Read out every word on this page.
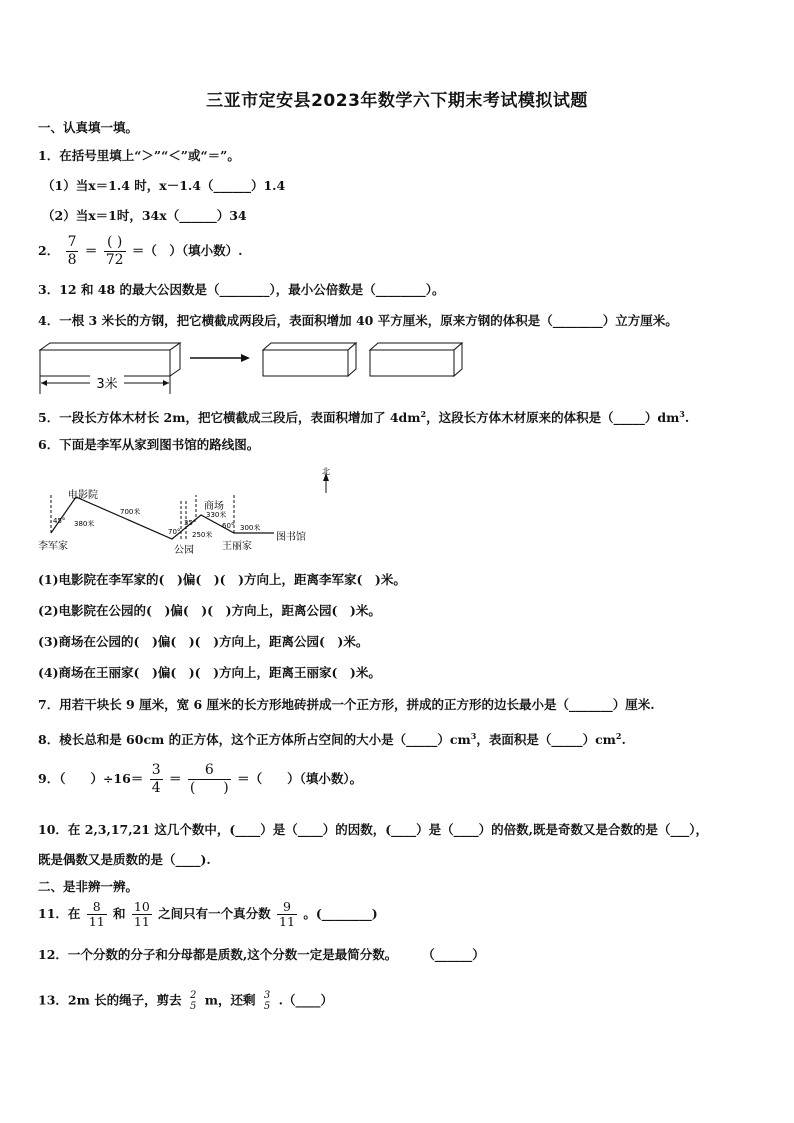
三亚市定安县2023年数学六下期末考试模拟试题
一、认真填一填。
1．在括号里填上“＞”“＜”或“＝”。
（1）当x＝1.4 时，x－1.4（______）1.4
（2）当x＝1时，34x（______）34
2． $\frac{7}{8} = \frac{( )}{72}$ ＝（　）（填小数）.
3．12 和 48 的最大公因数是（________），最小公倍数是（________）。
4．一根 3 米长的方钢，把它横截成两段后，表面积增加 40 平方厘米，原来方钢的体积是（________）立方厘米。
3米
5．一段长方体木材长 2m，把它横截成三段后，表面积增加了 $4dm^2$，这段长方体木材原来的体积是$(\_\_\_\_\_)dm^3$.
6．下面是李军从家到图书馆的路线图。
北
李军家
电影院
公园
商场
王丽家
图书馆
45° 380米
700米
70°
35°
250米
330米
60° 300米
(1)电影院在李军家的(　)偏(　)(　)方向上，距离李军家(　)米。
(2)电影院在公园的(　)偏(　)(　)方向上，距离公园(　)米。
(3)商场在公园的(　)偏(　)(　)方向上，距离公园(　)米。
(4)商场在王丽家(　)偏(　)(　)方向上，距离王丽家(　)米。
7．用若干块长 9 厘米，宽 6 厘米的长方形地砖拼成一个正方形，拼成的正方形的边长最小是（_______）厘米.
8．棱长总和是 60cm 的正方体，这个正方体所占空间的大小是$(\_\_\_\_\_)cm^3$，表面积是$(\_\_\_\_\_)cm^2$.
9．（　　）$\div 16= \frac{3}{4} = \frac{6}{( )}$ ＝（　　）（填小数）。
10．在 2,3,17,21 这几个数中，(____）是（____）的因数，(____）是（____）的倍数,既是奇数又是合数的是（___），
既是偶数又是质数的是（____).
二、是非辨一辨。
11．在 $\frac{8}{11}$ 和 $\frac{10}{11}$ 之间只有一个真分数 $\frac{9}{11}$ 。(________)
12．一个分数的分子和分母都是质数,这个分数一定是最简分数。　　　（______）
13．2m 长的绳子，剪去 2
5 m，还剩 3
5 .（____）
